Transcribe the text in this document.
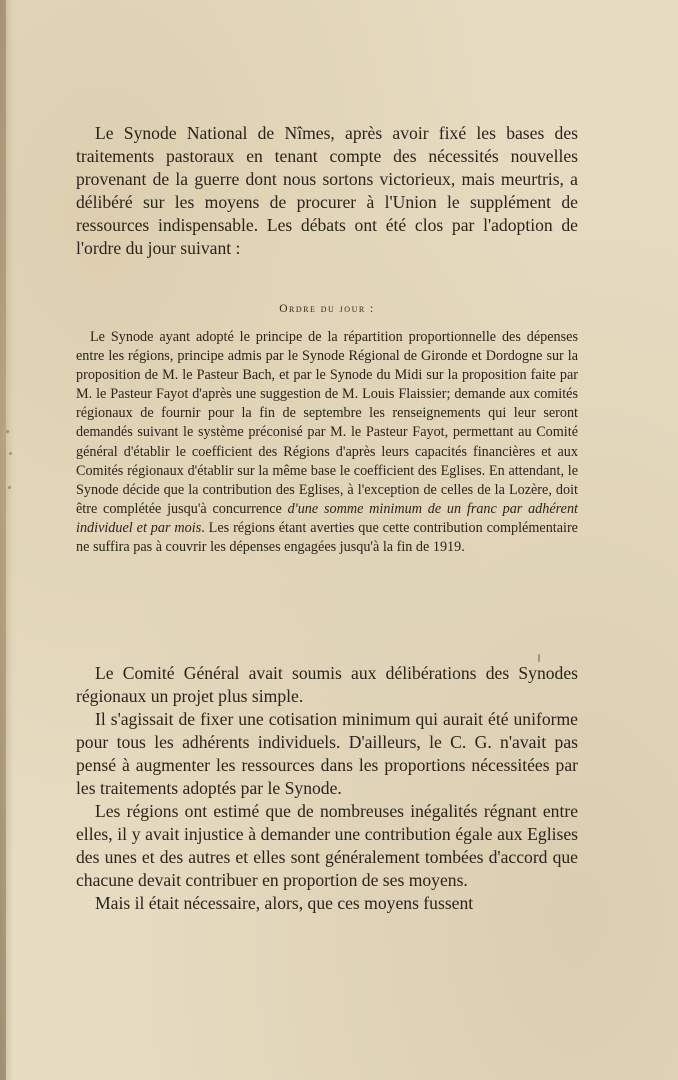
Le Synode National de Nîmes, après avoir fixé les bases des traitements pastoraux en tenant compte des nécessités nouvelles provenant de la guerre dont nous sortons victorieux, mais meurtris, a délibéré sur les moyens de procurer à l'Union le supplément de ressources indispensable. Les débats ont été clos par l'adoption de l'ordre du jour suivant :

Ordre du jour :

Le Synode ayant adopté le principe de la répartition proportionnelle des dépenses entre les régions, principe admis par le Synode Régional de Gironde et Dordogne sur la proposition de M. le Pasteur Bach, et par le Synode du Midi sur la proposition faite par M. le Pasteur Fayot d'après une suggestion de M. Louis Flaissier; demande aux comités régionaux de fournir pour la fin de septembre les renseignements qui leur seront demandés suivant le système préconisé par M. le Pasteur Fayot, permettant au Comité général d'établir le coefficient des Régions d'après leurs capacités financières et aux Comités régionaux d'établir sur la même base le coefficient des Eglises. En attendant, le Synode décide que la contribution des Eglises, à l'exception de celles de la Lozère, doit être complétée jusqu'à concurrence d'une somme minimum de un franc par adhérent individuel et par mois. Les régions étant averties que cette contribution complémentaire ne suffira pas à couvrir les dépenses engagées jusqu'à la fin de 1919.

Le Comité Général avait soumis aux délibérations des Synodes régionaux un projet plus simple.

Il s'agissait de fixer une cotisation minimum qui aurait été uniforme pour tous les adhérents individuels. D'ailleurs, le C. G. n'avait pas pensé à augmenter les ressources dans les proportions nécessitées par les traitements adoptés par le Synode.

Les régions ont estimé que de nombreuses inégalités régnant entre elles, il y avait injustice à demander une contribution égale aux Eglises des unes et des autres et elles sont généralement tombées d'accord que chacune devait contribuer en proportion de ses moyens.

Mais il était nécessaire, alors, que ces moyens fussent
